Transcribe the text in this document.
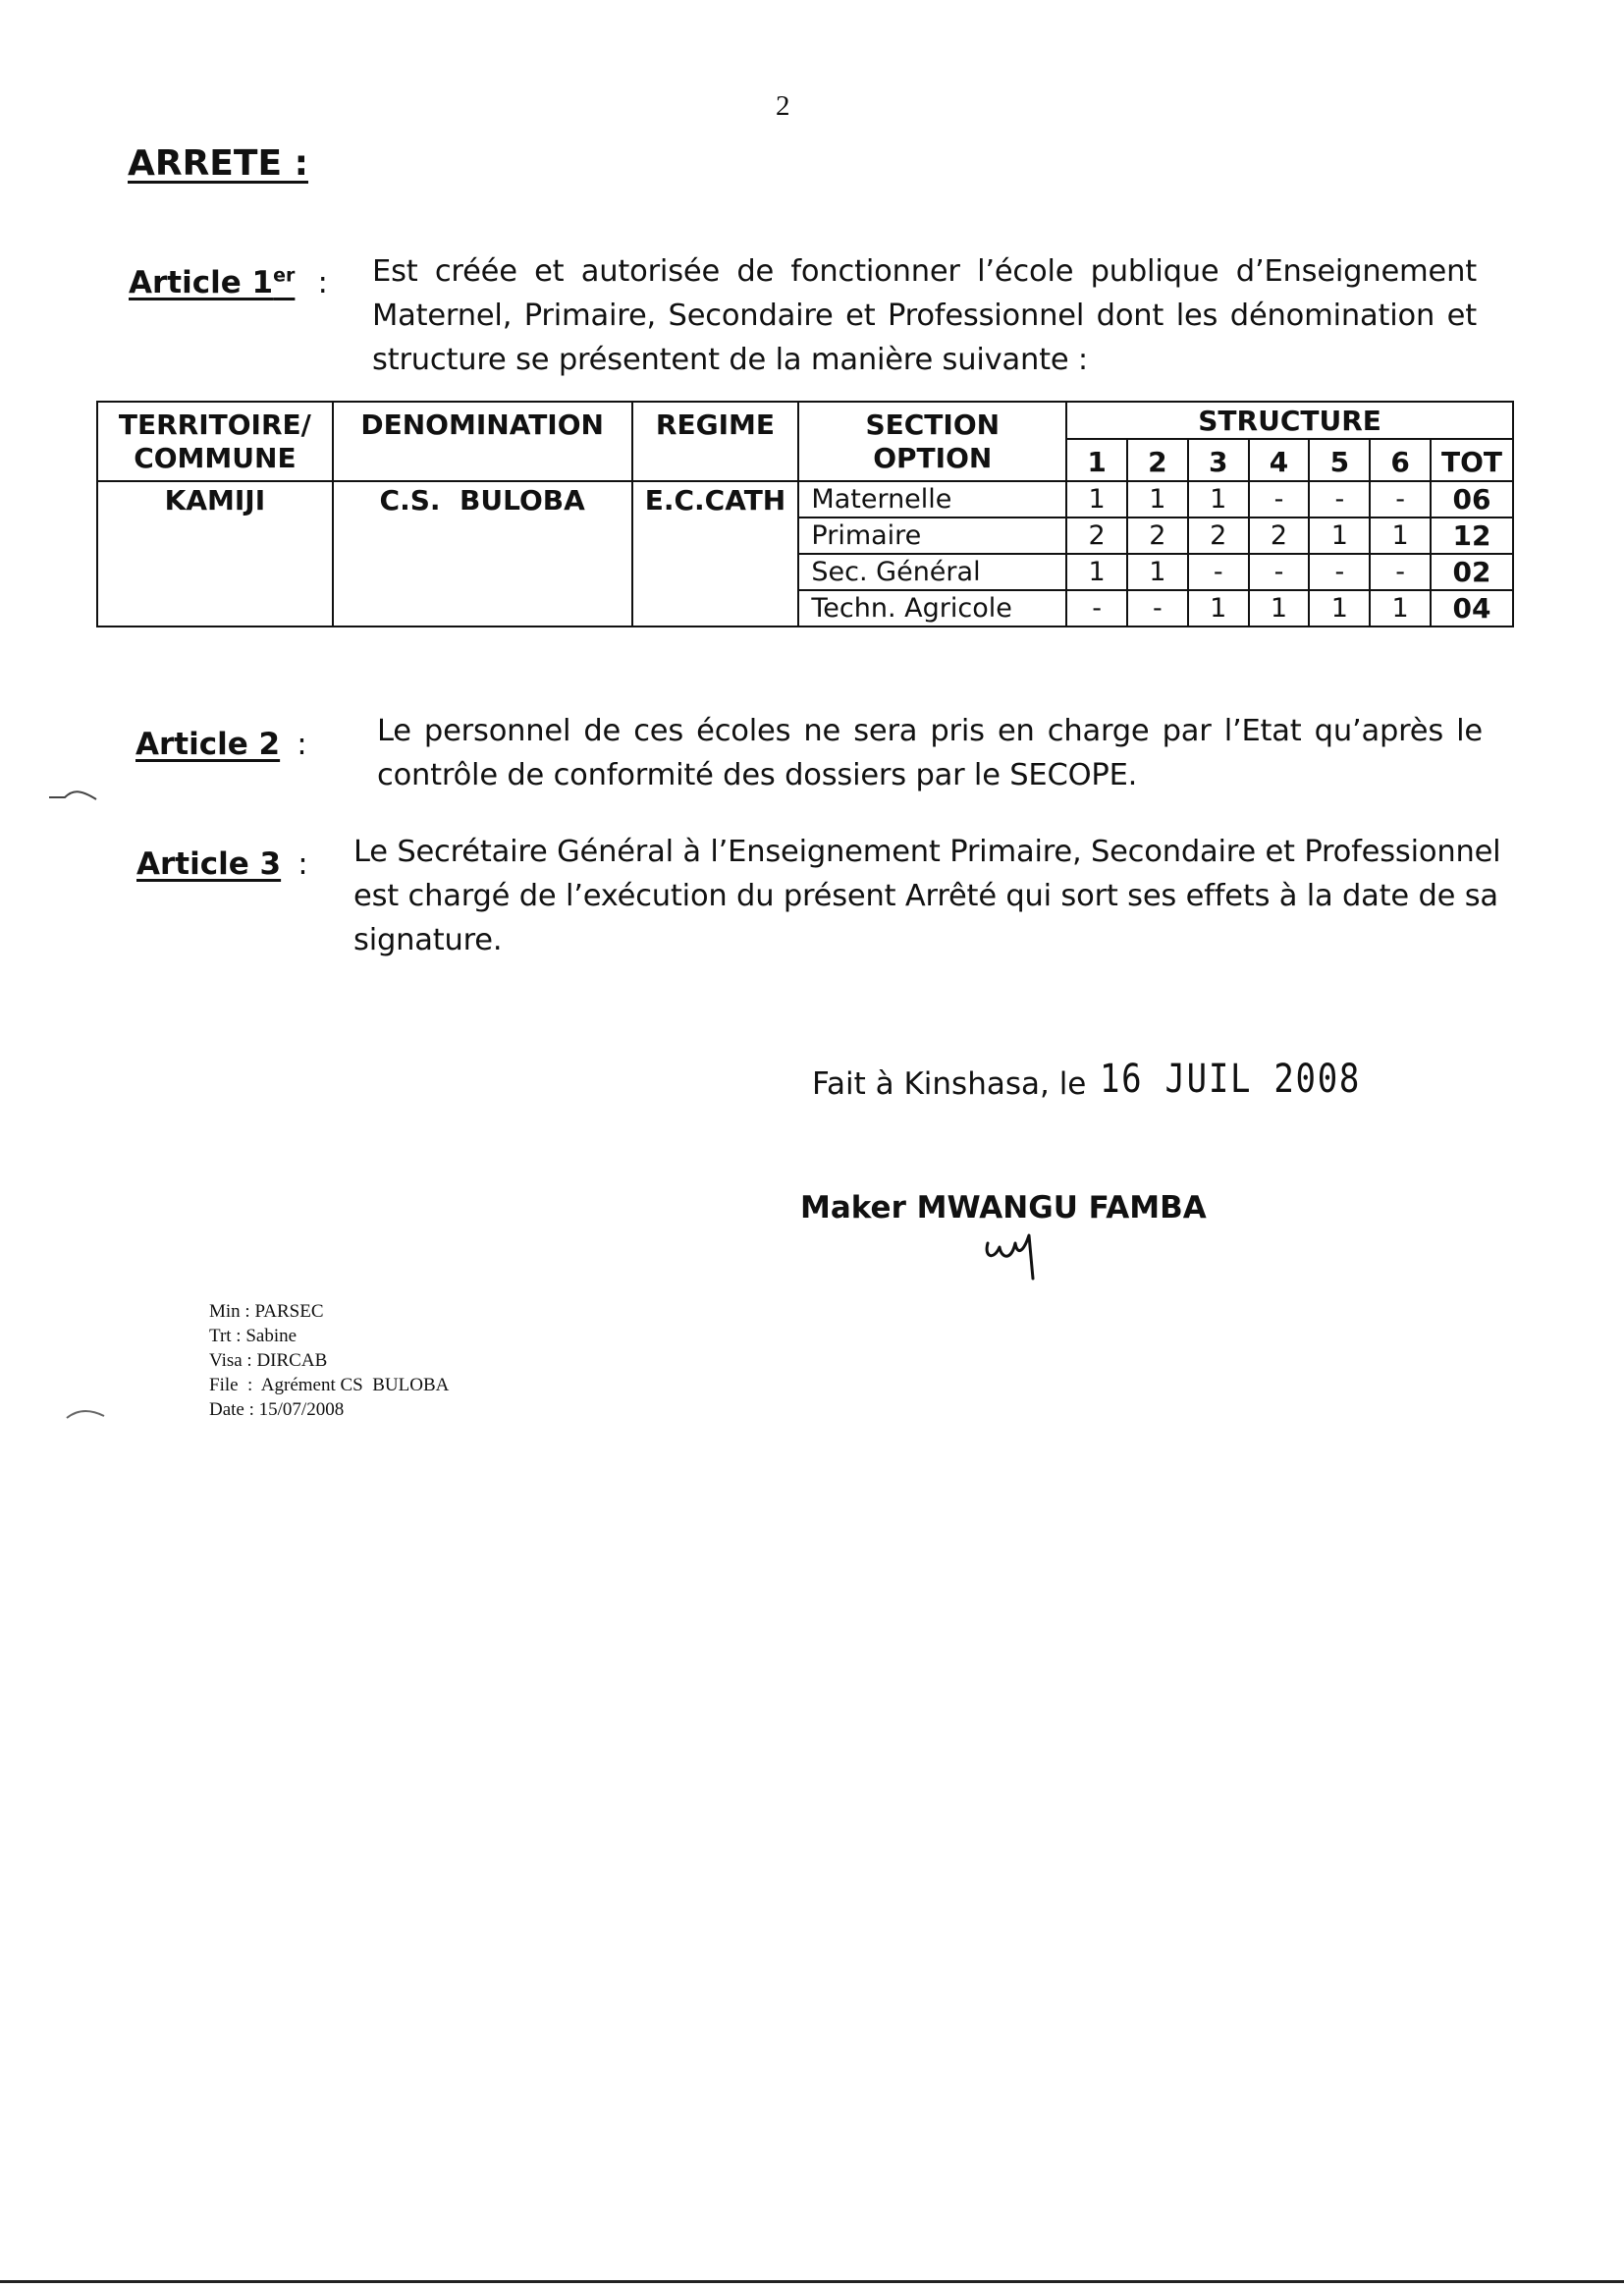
2
ARRETE :
Article 1er : Est créée et autorisée de fonctionner l’école publique d’Enseignement
Maternel, Primaire, Secondaire et Professionnel dont les dénomination et
structure se présentent de la manière suivante :
TERRITOIRE/ COMMUNE	DENOMINATION	REGIME	SECTION OPTION	STRUCTURE						
				1	2	3	4	5	6	TOT
KAMIJI	C.S.  BULOBA	E.C.CATH	Maternelle	1	1	1	-	-	-	06
			Primaire	2	2	2	2	1	1	12
			Sec. Général	1	1	-	-	-	-	02
			Techn. Agricole	-	-	1	1	1	1	04
Article 2 : Le personnel de ces écoles ne sera pris en charge par l’Etat qu’après le
contrôle de conformité des dossiers par le SECOPE.
Article 3 : Le Secrétaire Général à l’Enseignement Primaire, Secondaire et Professionnel
est chargé de l’exécution du présent Arrêté qui sort ses effets à la date de sa
signature.
Fait à Kinshasa, le 16 JUIL 2008
Maker MWANGU FAMBA
Min : PARSEC
Trt : Sabine
Visa : DIRCAB
File  :  Agrément CS  BULOBA
Date : 15/07/2008
